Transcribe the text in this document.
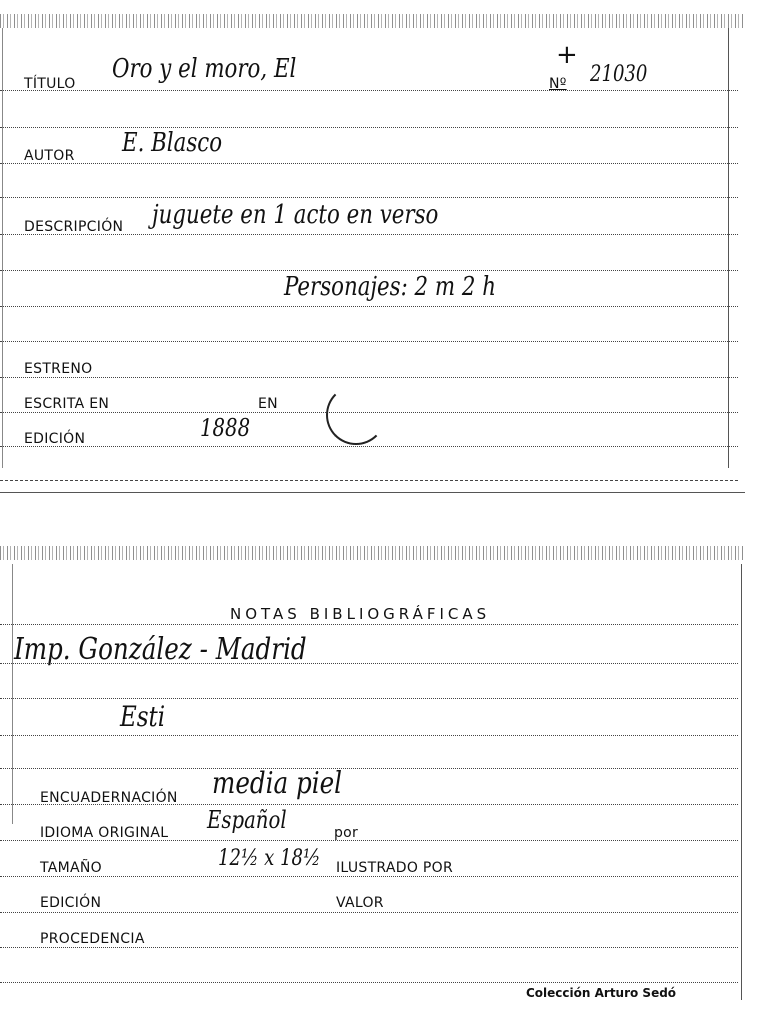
TÍTULO Oro y el moro, El	+
Nº 21030
AUTOR E. Blasco
DESCRIPCIÓN juguete en 1 acto en verso
Personajes: 2 m 2 h
ESTRENO
ESCRITA EN	EN
EDICIÓN	1888
NOTAS BIBLIOGRÁFICAS
Imp. González - Madrid
Esti
ENCUADERNACIÓN media piel
IDIOMA ORIGINAL Español	por
TAMAÑO	12½ x 18½ ILUSTRADO POR
EDICIÓN	VALOR
PROCEDENCIA
Colección Arturo Sedó
